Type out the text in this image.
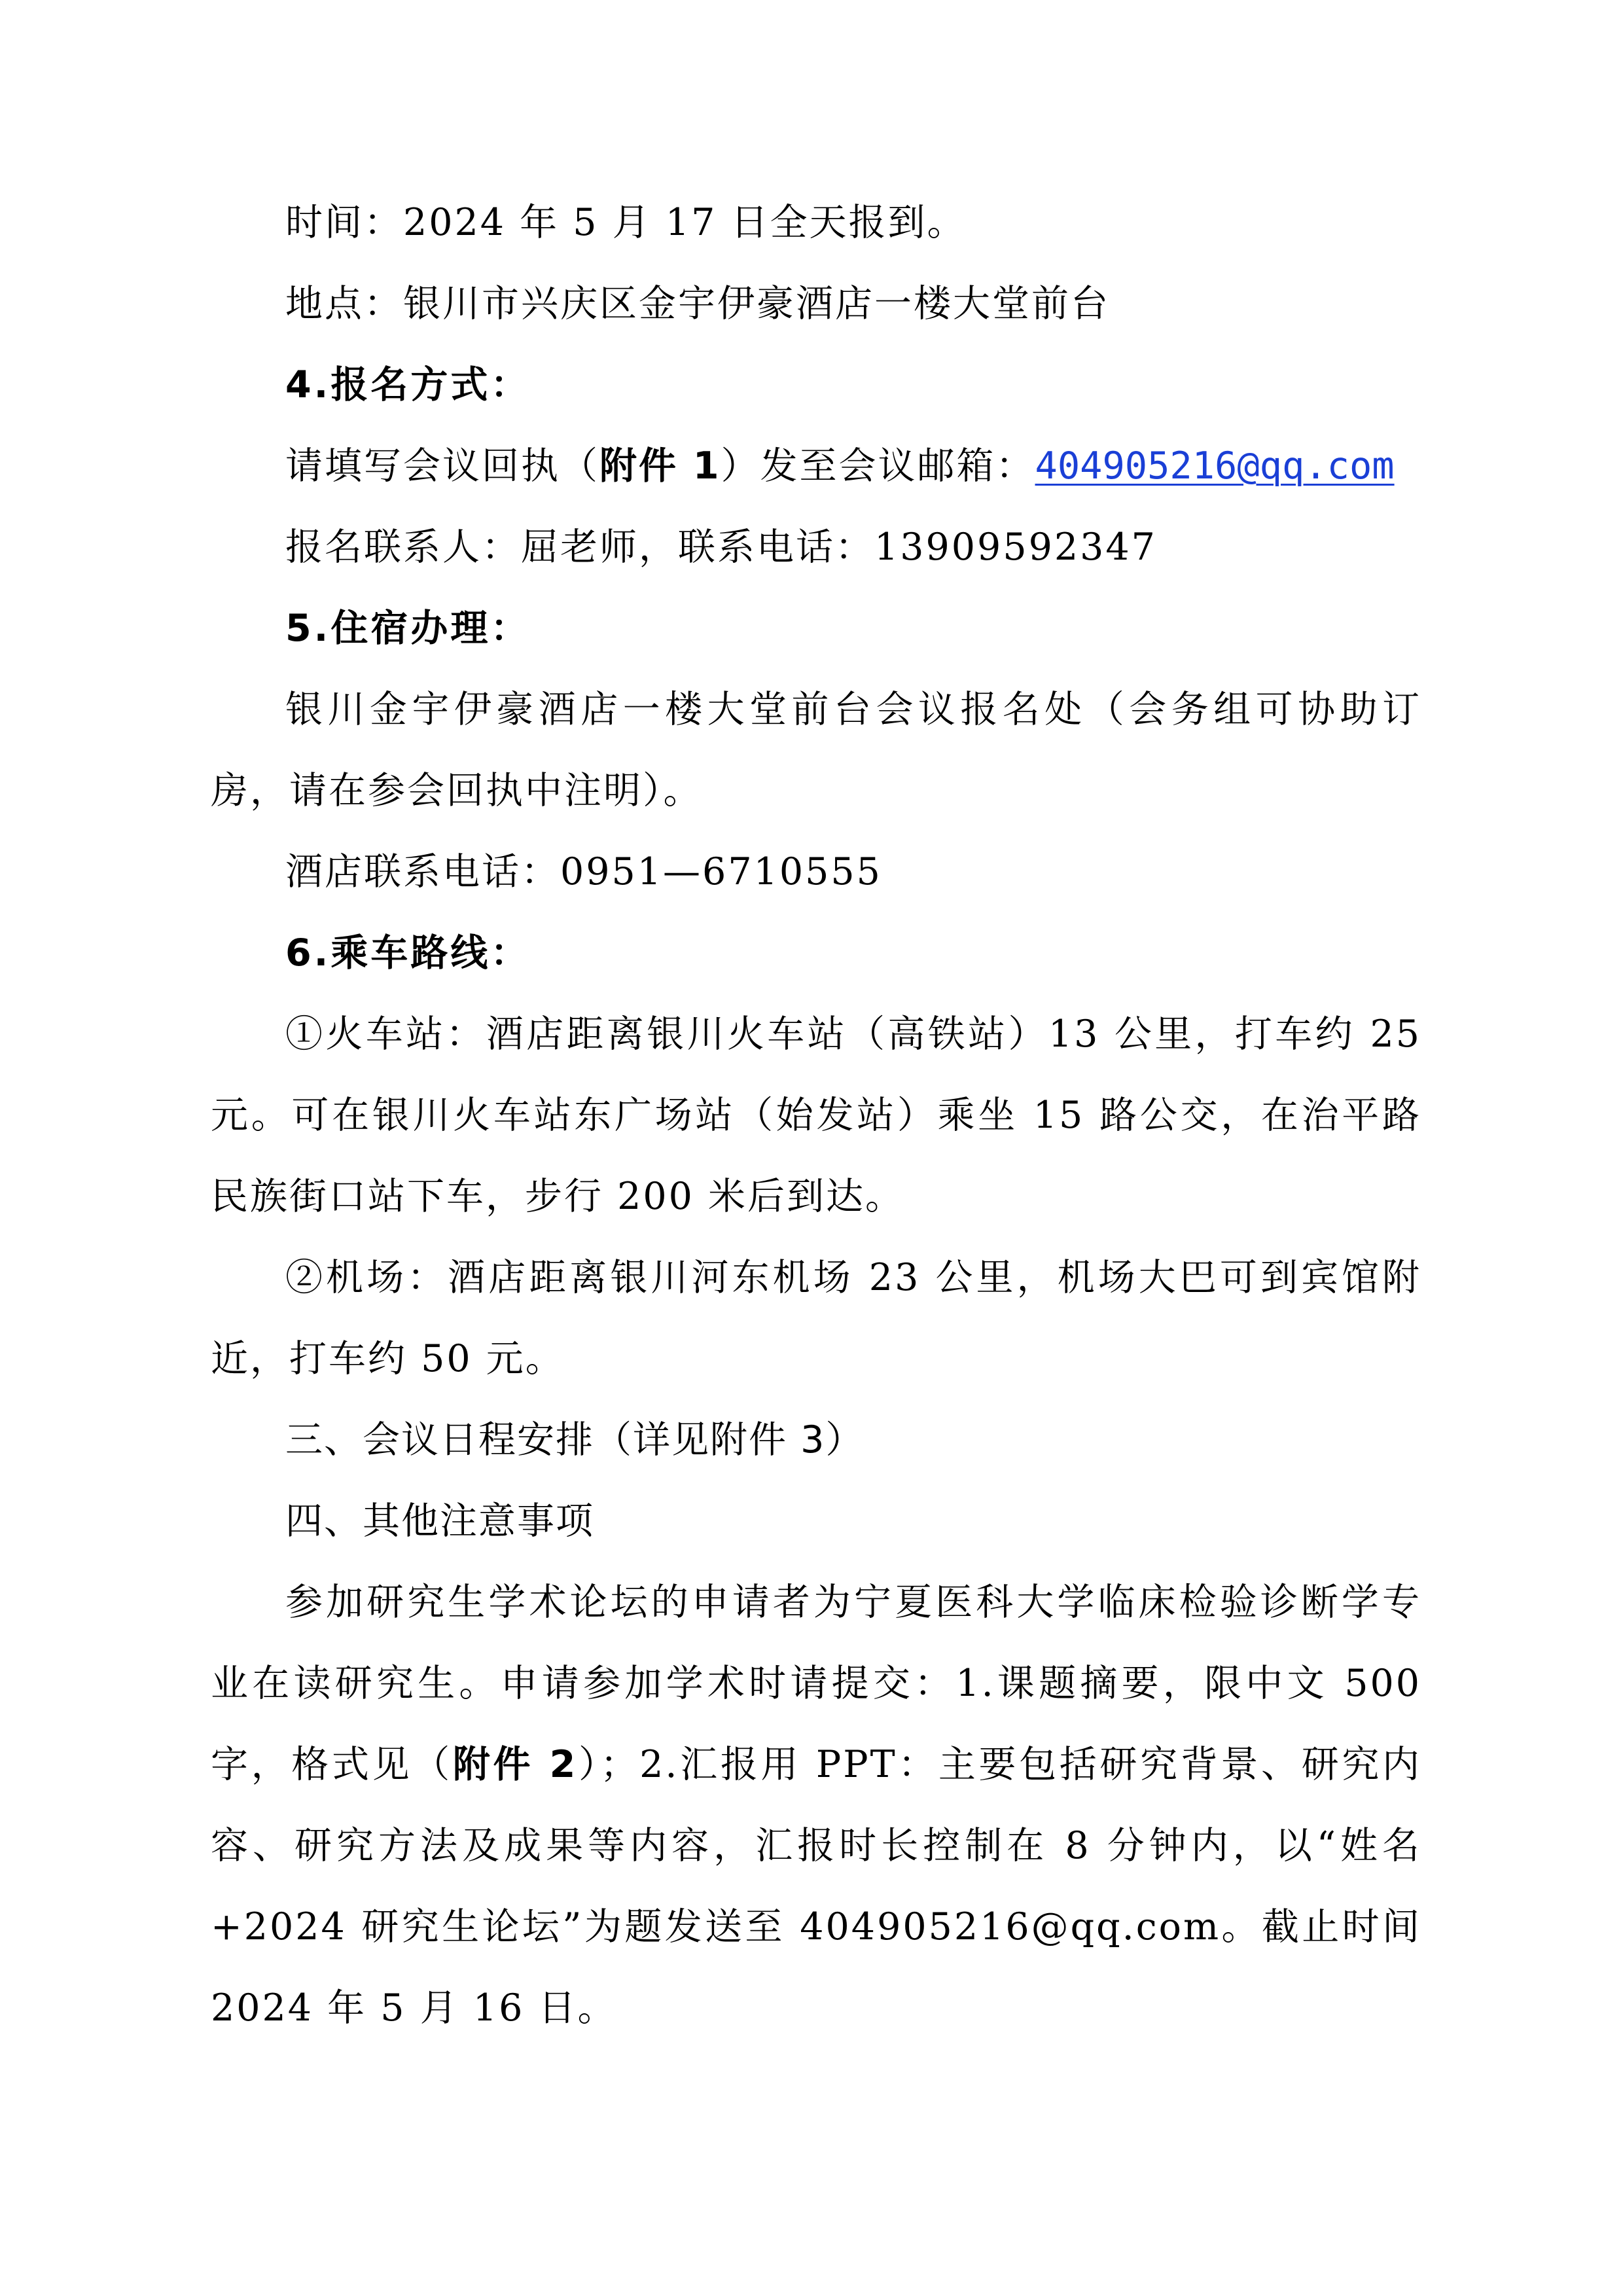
时间：2024 年 5 月 17 日全天报到。

地点：银川市兴庆区金宇伊豪酒店一楼大堂前台

4.报名方式：

请填写会议回执（附件 1）发至会议邮箱：404905216@qq.com

报名联系人：屈老师，联系电话：13909592347

5.住宿办理：

银川金宇伊豪酒店一楼大堂前台会议报名处（会务组可协助订房，请在参会回执中注明）。

酒店联系电话：0951—6710555

6.乘车路线：

①火车站：酒店距离银川火车站（高铁站）13 公里，打车约 25 元。可在银川火车站东广场站（始发站）乘坐 15 路公交，在治平路民族街口站下车，步行 200 米后到达。

②机场：酒店距离银川河东机场 23 公里，机场大巴可到宾馆附近，打车约 50 元。

三、会议日程安排（详见附件 3）

四、其他注意事项

参加研究生学术论坛的申请者为宁夏医科大学临床检验诊断学专业在读研究生。申请参加学术时请提交：1.课题摘要，限中文 500 字，格式见（附件 2）；2.汇报用 PPT：主要包括研究背景、研究内容、研究方法及成果等内容，汇报时长控制在 8 分钟内，以“姓名+2024 研究生论坛”为题发送至 404905216@qq.com。截止时间 2024 年 5 月 16 日。
